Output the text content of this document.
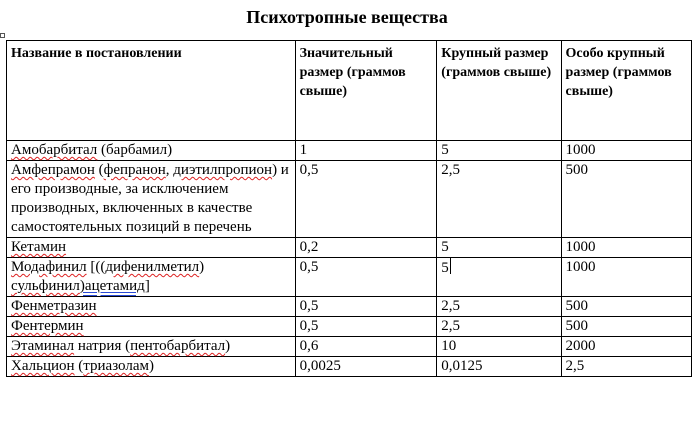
Психотропные вещества
Название в постановлении	Значительный размер (граммов свыше)	Крупный размер (граммов свыше)	Особо крупный размер (граммов свыше)
Амобарбитал (барбамил)	1	5	1000
Амфепрамон (фепранон, диэтилпропион) и его производные, за исключением производных, включенных в качестве самостоятельных позиций в перечень	0,5	2,5	500
Кетамин	0,2	5	1000
Модафинил [((дифенилметил) сульфинил)ацетамид]	0,5	5	1000
Фенметразин	0,5	2,5	500
Фентермин	0,5	2,5	500
Этаминал натрия (пентобарбитал)	0,6	10	2000
Хальцион (триазолам)	0,0025	0,0125	2,5
